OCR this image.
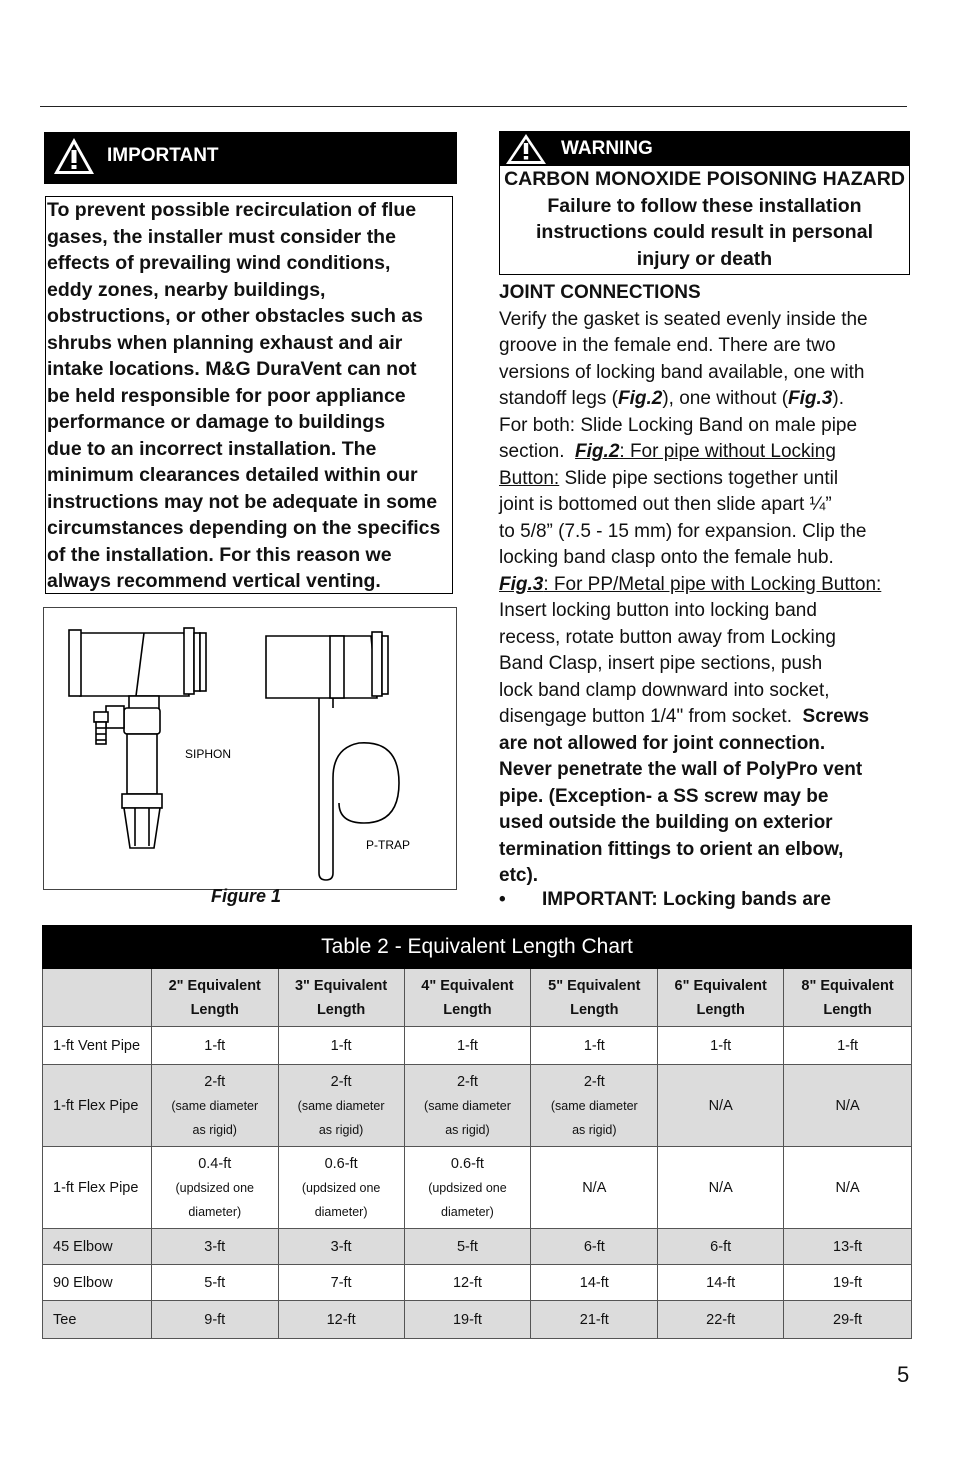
IMPORTANT

To prevent possible recirculation of flue
gases, the installer must consider the
effects of prevailing wind conditions,
eddy zones, nearby buildings,
obstructions, or other obstacles such as
shrubs when planning exhaust and air
intake locations. M&G DuraVent can not
be held responsible for poor appliance
performance or damage to buildings
due to an incorrect installation. The
minimum clearances detailed within our
instructions may not be adequate in some
circumstances depending on the specifics
of the installation. For this reason we
always recommend vertical venting.

SIPHON
P-TRAP
Figure 1
WARNING
CARBON MONOXIDE POISONING HAZARD
Failure to follow these installation
instructions could result in personal
injury or death
JOINT CONNECTIONS
Verify the gasket is seated evenly inside the
groove in the female end. There are two
versions of locking band available, one with
standoff legs (Fig.2), one without (Fig.3).
For both: Slide Locking Band on male pipe
section.  Fig.2: For pipe without Locking
Button: Slide pipe sections together until
joint is bottomed out then slide apart ¼”
to 5/8” (7.5 - 15 mm) for expansion. Clip the
locking band clasp onto the female hub.
Fig.3: For PP/Metal pipe with Locking Button:
Insert locking button into locking band
recess, rotate button away from Locking
Band Clasp, insert pipe sections, push
lock band clamp downward into socket,
disengage button 1/4" from socket.  Screws
are not allowed for joint connection.
Never penetrate the wall of PolyPro vent
pipe. (Exception- a SS screw may be
used outside the building on exterior
termination fittings to orient an elbow,
etc).
• IMPORTANT: Locking bands are
Table 2 - Equivalent Length Chart						
	2" Equivalent
Length	3" Equivalent
Length	4" Equivalent
Length	5" Equivalent
Length	6" Equivalent
Length	8" Equivalent
Length
1-ft Vent Pipe	1-ft	1-ft	1-ft	1-ft	1-ft	1-ft
1-ft Flex Pipe	2-ft
(same diameter
as rigid)	2-ft
(same diameter
as rigid)	2-ft
(same diameter
as rigid)	2-ft
(same diameter
as rigid)	N/A	N/A
1-ft Flex Pipe	0.4-ft
(updsized one
diameter)	0.6-ft
(updsized one
diameter)	0.6-ft
(updsized one
diameter)	N/A	N/A	N/A
45 Elbow	3-ft	3-ft	5-ft	6-ft	6-ft	13-ft
90 Elbow	5-ft	7-ft	12-ft	14-ft	14-ft	19-ft
Tee	9-ft	12-ft	19-ft	21-ft	22-ft	29-ft
5
